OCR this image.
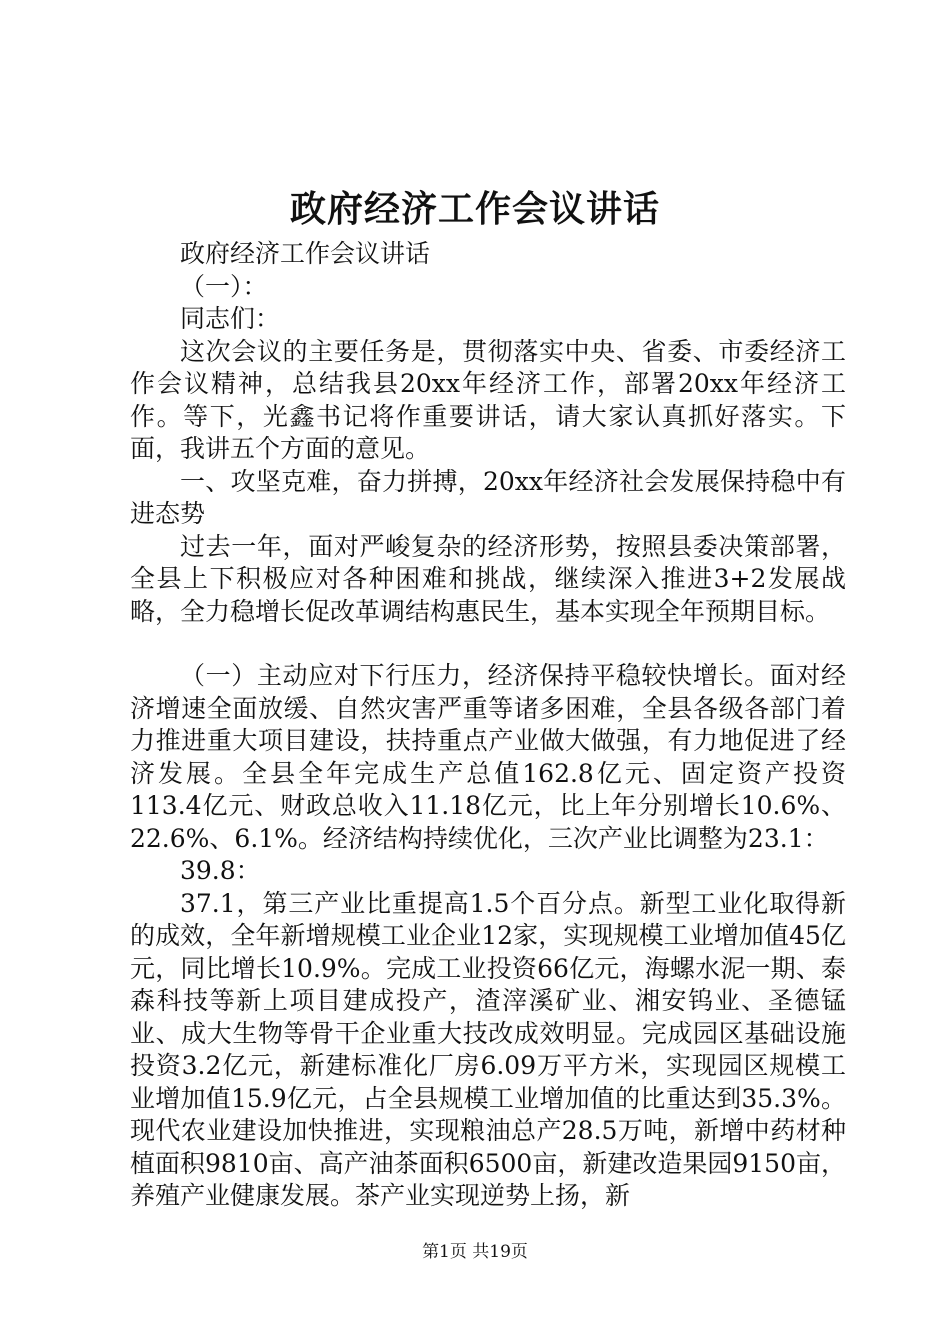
政府经济工作会议讲话

政府经济工作会议讲话

（一）：

同志们：

这次会议的主要任务是，贯彻落实中央、省委、市委经济工作会议精神，总结我县20xx年经济工作，部署20xx年经济工作。等下，光鑫书记将作重要讲话，请大家认真抓好落实。下面，我讲五个方面的意见。

一、攻坚克难，奋力拼搏，20xx年经济社会发展保持稳中有进态势

过去一年，面对严峻复杂的经济形势，按照县委决策部署，全县上下积极应对各种困难和挑战，继续深入推进3+2发展战略，全力稳增长促改革调结构惠民生，基本实现全年预期目标。

（一）主动应对下行压力，经济保持平稳较快增长。面对经济增速全面放缓、自然灾害严重等诸多困难，全县各级各部门着力推进重大项目建设，扶持重点产业做大做强，有力地促进了经济发展。全县全年完成生产总值162.8亿元、固定资产投资113.4亿元、财政总收入11.18亿元，比上年分别增长10.6%、22.6%、6.1%。经济结构持续优化，三次产业比调整为23.1：

39.8：

37.1，第三产业比重提高1.5个百分点。新型工业化取得新的成效，全年新增规模工业企业12家，实现规模工业增加值45亿元，同比增长10.9%。完成工业投资66亿元，海螺水泥一期、泰森科技等新上项目建成投产，渣滓溪矿业、湘安钨业、圣德锰业、成大生物等骨干企业重大技改成效明显。完成园区基础设施投资3.2亿元，新建标准化厂房6.09万平方米，实现园区规模工业增加值15.9亿元，占全县规模工业增加值的比重达到35.3%。现代农业建设加快推进，实现粮油总产28.5万吨，新增中药材种植面积9810亩、高产油茶面积6500亩，新建改造果园9150亩，养殖产业健康发展。茶产业实现逆势上扬，新

第1页 共19页
